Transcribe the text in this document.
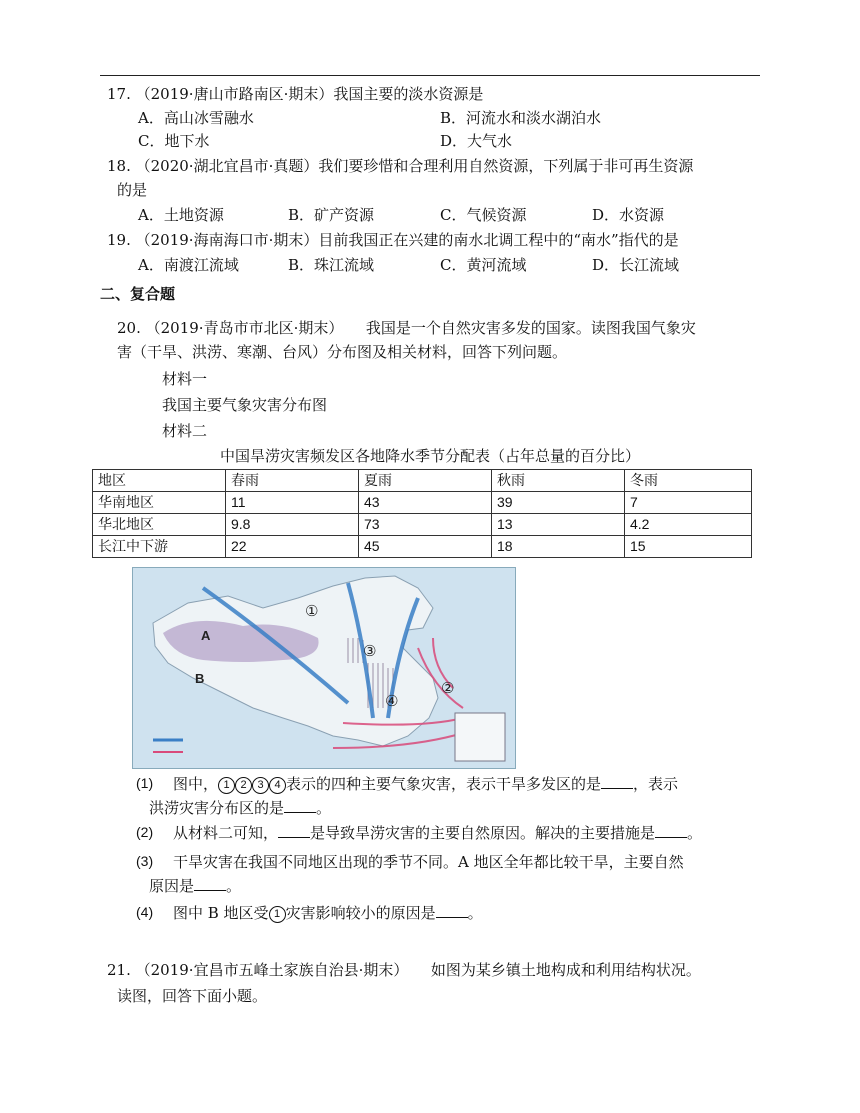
17. （2019·唐山市路南区·期末）我国主要的淡水资源是
A．高山冰雪融水	B．河流水和淡水湖泊水
C．地下水	D．大气水
18. （2020·湖北宜昌市·真题）我们要珍惜和合理利用自然资源，下列属于非可再生资源
的是
A．土地资源	B．矿产资源	C．气候资源	D．水资源
19. （2019·海南海口市·期末）目前我国正在兴建的南水北调工程中的“南水”指代的是
A．南渡江流域	B．珠江流域	C．黄河流域	D．长江流域
二、复合题
20. （2019·青岛市市北区·期末）　　我国是一个自然灾害多发的国家。读图我国气象灾
害（干旱、洪涝、寒潮、台风）分布图及相关材料，回答下列问题。
材料一
我国主要气象灾害分布图
材料二
中国旱涝灾害频发区各地降水季节分配表（占年总量的百分比）
地区	春雨	夏雨	秋雨	冬雨
华南地区	11	43	39	7
华北地区	9.8	73	13	4.2
长江中下游	22	45	18	15
A
B
①
②
③
④
(1) 图中， 1 2 3 4 表示的四种主要气象灾害，表示干旱多发区的是 ，表示
洪涝灾害分布区的是 。
(2) 从材料二可知， 是导致旱涝灾害的主要自然原因。解决的主要措施是 。
(3) 干旱灾害在我国不同地区出现的季节不同。A 地区全年都比较干旱，主要自然
原因是 。
(4) 图中 B 地区受 1 灾害影响较小的原因是 。
21. （2019·宜昌市五峰土家族自治县·期末）　　如图为某乡镇土地构成和利用结构状况。
读图，回答下面小题。
